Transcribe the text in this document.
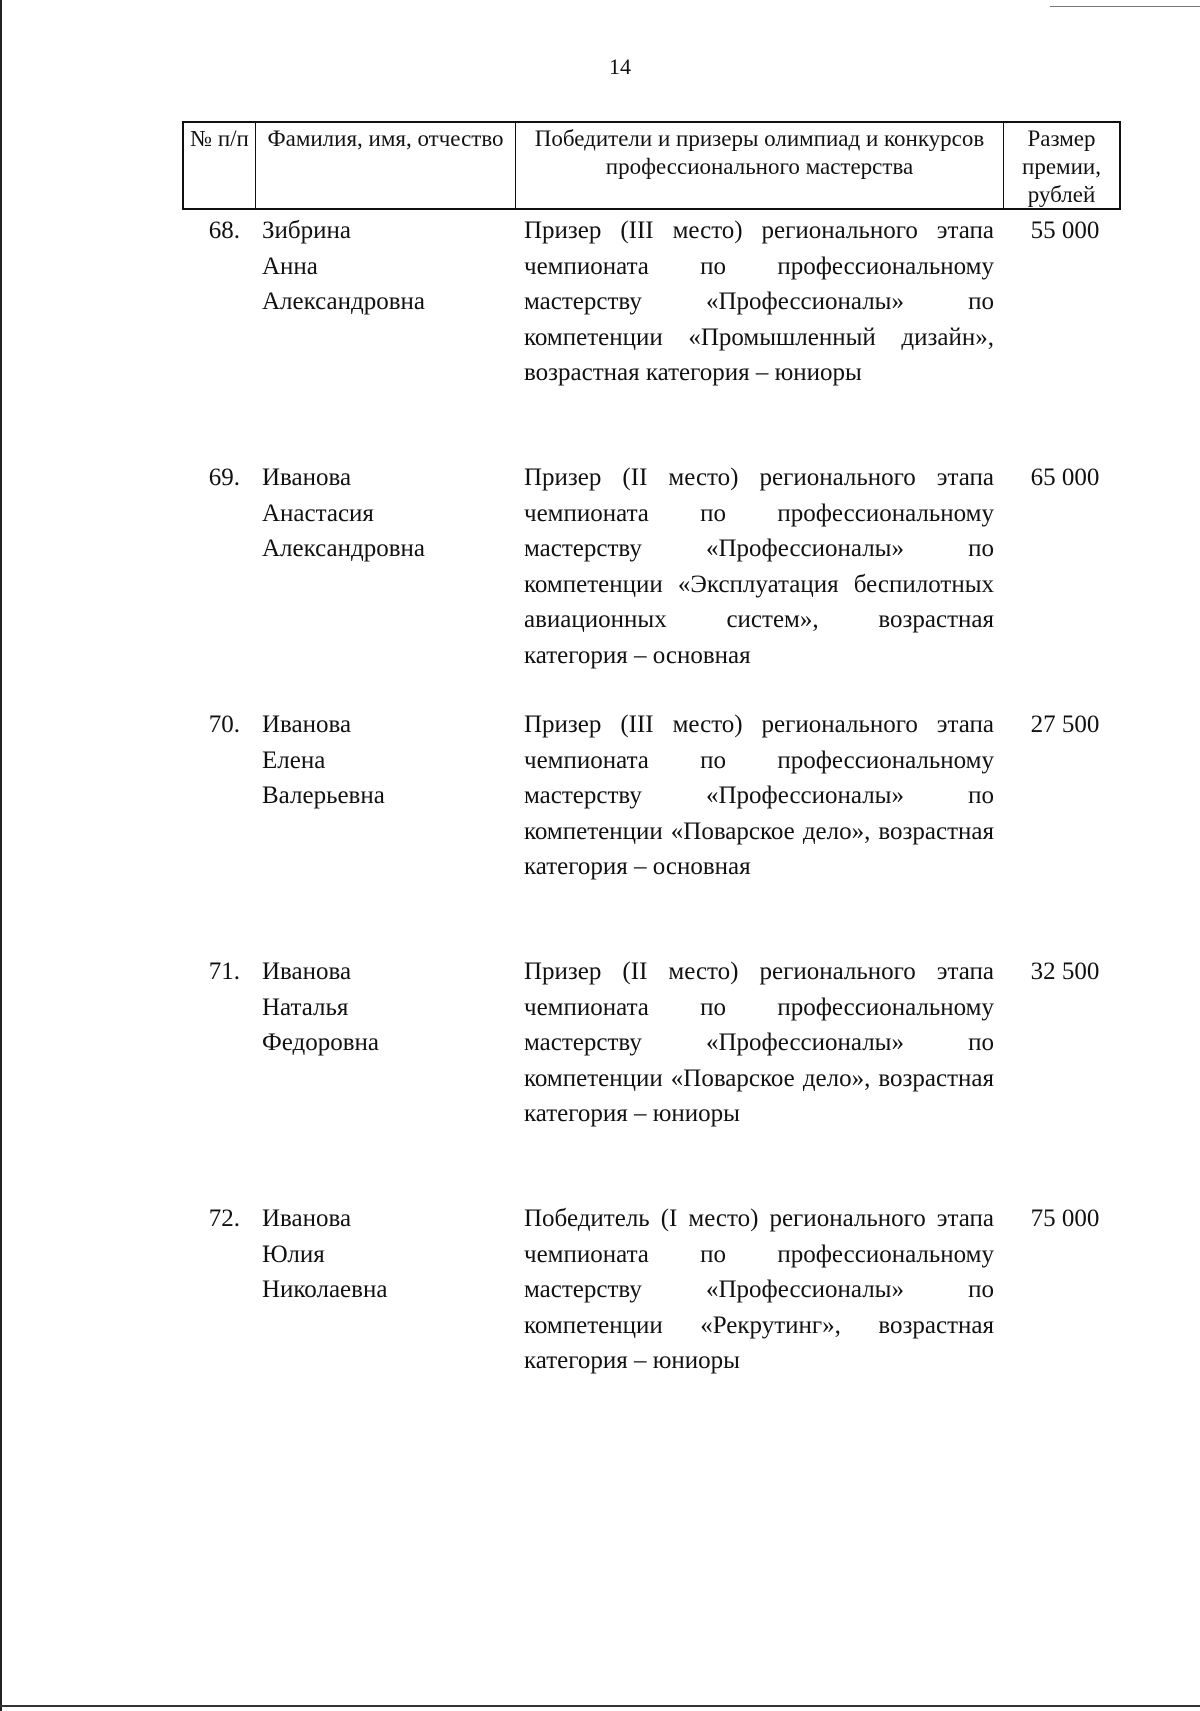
14
№ п/п Фамилия, имя, отчество	Победители и призеры олимпиад и конкурсов профессионального мастерства
Размер премии, рублей
68. Зибрина
Анна
Александровна
Призер (III место) регионального этапа чемпионата по профессиональному мастерству «Профессионалы» по компетенции «Промышленный дизайн», возрастная категория – юниоры
55 000
69. Иванова
Анастасия
Александровна
Призер (II место) регионального этапа чемпионата по профессиональному мастерству «Профессионалы» по компетенции «Эксплуатация беспилотных авиационных систем», возрастная категория – основная
65 000
70. Иванова
Елена
Валерьевна
Призер (III место) регионального этапа чемпионата по профессиональному мастерству «Профессионалы» по компетенции «Поварское дело», возрастная категория – основная
27 500
71. Иванова
Наталья
Федоровна
Призер (II место) регионального этапа чемпионата по профессиональному мастерству «Профессионалы» по компетенции «Поварское дело», возрастная категория – юниоры
32 500
72. Иванова
Юлия
Николаевна
Победитель (I место) регионального этапа чемпионата по профессиональному мастерству «Профессионалы» по компетенции «Рекрутинг», возрастная категория – юниоры
75 000
